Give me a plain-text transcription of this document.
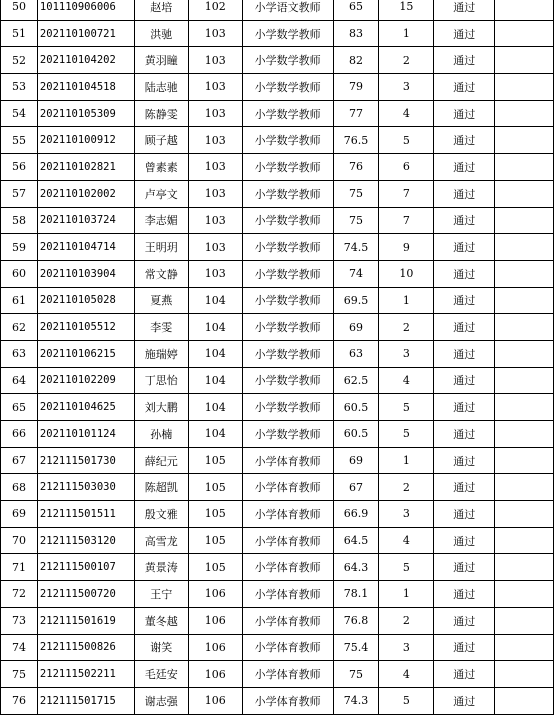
50	101110906006	赵培	102	小学语文教师	65	15	通过	
51	202110100721	洪驰	103	小学数学教师	83	1	通过	
52	202110104202	黄羽瞳	103	小学数学教师	82	2	通过	
53	202110104518	陆志驰	103	小学数学教师	79	3	通过	
54	202110105309	陈静雯	103	小学数学教师	77	4	通过	
55	202110100912	顾子越	103	小学数学教师	76.5	5	通过	
56	202110102821	曾素素	103	小学数学教师	76	6	通过	
57	202110102002	卢亭文	103	小学数学教师	75	7	通过	
58	202110103724	李志媚	103	小学数学教师	75	7	通过	
59	202110104714	王明玥	103	小学数学教师	74.5	9	通过	
60	202110103904	常文静	103	小学数学教师	74	10	通过	
61	202110105028	夏燕	104	小学数学教师	69.5	1	通过	
62	202110105512	李雯	104	小学数学教师	69	2	通过	
63	202110106215	施瑞婷	104	小学数学教师	63	3	通过	
64	202110102209	丁思怡	104	小学数学教师	62.5	4	通过	
65	202110104625	刘大鹏	104	小学数学教师	60.5	5	通过	
66	202110101124	孙楠	104	小学数学教师	60.5	5	通过	
67	212111501730	薛纪元	105	小学体育教师	69	1	通过	
68	212111503030	陈超凯	105	小学体育教师	67	2	通过	
69	212111501511	殷文雅	105	小学体育教师	66.9	3	通过	
70	212111503120	高雪龙	105	小学体育教师	64.5	4	通过	
71	212111500107	黄景涛	105	小学体育教师	64.3	5	通过	
72	212111500720	王宁	106	小学体育教师	78.1	1	通过	
73	212111501619	董冬越	106	小学体育教师	76.8	2	通过	
74	212111500826	谢笑	106	小学体育教师	75.4	3	通过	
75	212111502211	毛廷安	106	小学体育教师	75	4	通过	
76	212111501715	谢志强	106	小学体育教师	74.3	5	通过	
